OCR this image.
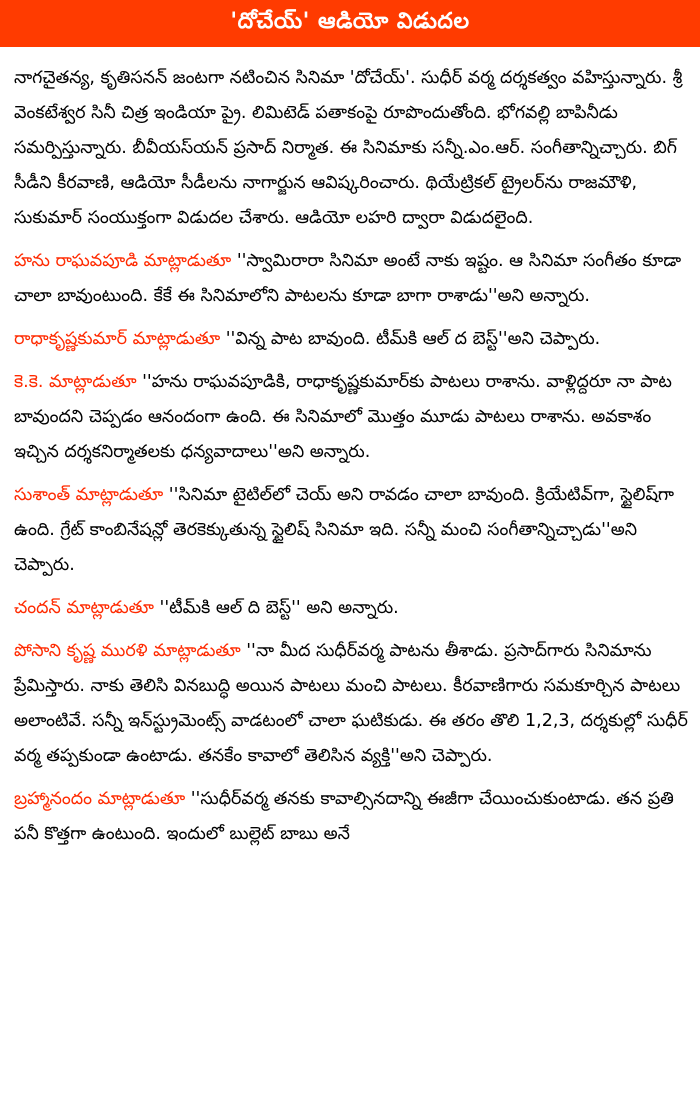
'దోచేయ్' ఆడియో విడుదల

నాగచైతన్య, కృతిసనన్ జంటగా నటించిన సినిమా 'దోచేయ్'. సుధీర్ వర్మ దర్శకత్వం వహిస్తున్నారు. శ్రీ వెంకటేశ్వర సినీ చిత్ర ఇండియా ప్రై. లిమిటెడ్ పతాకంపై రూపొందుతోంది. భోగవల్లి బాపినీడు సమర్పిస్తున్నారు. బీవీయస్‌యన్ ప్రసాద్ నిర్మాత. ఈ సినిమాకు సన్నీ.ఎం.ఆర్. సంగీతాన్నిచ్చారు. బిగ్ సీడీని కీరవాణి, ఆడియో సీడీలను నాగార్జున ఆవిష్కరించారు. థియేట్రికల్ ట్రైలర్‌ను రాజమౌళి, సుకుమార్ సంయుక్తంగా విడుదల చేశారు. ఆడియో లహరి ద్వారా విడుదలైంది.

హను రాఘవపూడి మాట్లాడుతూ ''స్వామిరారా సినిమా అంటే నాకు ఇష్టం. ఆ సినిమా సంగీతం కూడా చాలా బావుంటుంది. కేకే ఈ సినిమాలోని పాటలను కూడా బాగా రాశాడు''అని అన్నారు.

రాధాకృష్ణకుమార్ మాట్లాడుతూ ''విన్న పాట బావుంది. టీమ్‌కి ఆల్ ద బెస్ట్''అని చెప్పారు.

కె.కె. మాట్లాడుతూ ''హను రాఘవపూడికి, రాధాకృష్ణకుమార్‌కు పాటలు రాశాను. వాళ్లిద్దరూ నా పాట బావుందని చెప్పడం ఆనందంగా ఉంది. ఈ సినిమాలో మొత్తం మూడు పాటలు రాశాను. అవకాశం ఇచ్చిన దర్శకనిర్మాతలకు ధన్యవాదాలు''అని అన్నారు.

సుశాంత్ మాట్లాడుతూ ''సినిమా టైటిల్‌లో చెయ్ అని రావడం చాలా బావుంది. క్రియేటివ్‌గా, స్టైలిష్‌గా ఉంది. గ్రేట్ కాంబినేషన్లో తెరకెక్కుతున్న స్టైలిష్ సినిమా ఇది. సన్నీ మంచి సంగీతాన్నిచ్చాడు''అని చెప్పారు.

చందన్ మాట్లాడుతూ ''టీమ్‌కి ఆల్ ది బెస్ట్'' అని అన్నారు.

పోసాని కృష్ణ మురళి మాట్లాడుతూ ''నా మీద సుధీర్‌వర్మ పాటను తీశాడు. ప్రసాద్‌గారు సినిమాను ప్రేమిస్తారు. నాకు తెలిసి వినబుద్ధి అయిన పాటలు మంచి పాటలు. కీరవాణిగారు సమకూర్చిన పాటలు అలాంటివే. సన్నీ ఇన్‌స్ట్రుమెంట్స్ వాడటంలో చాలా ఘటికుడు. ఈ తరం తొలి 1,2,3, దర్శకుల్లో సుధీర్ వర్మ తప్పకుండా ఉంటాడు. తనకేం కావాలో తెలిసిన వ్యక్తి''అని చెప్పారు.

బ్రహ్మానందం మాట్లాడుతూ ''సుధీర్‌వర్మ తనకు కావాల్సినదాన్ని ఈజీగా చేయించుకుంటాడు. తన ప్రతి పనీ కొత్తగా ఉంటుంది. ఇందులో బుల్లెట్ బాబు అనే
